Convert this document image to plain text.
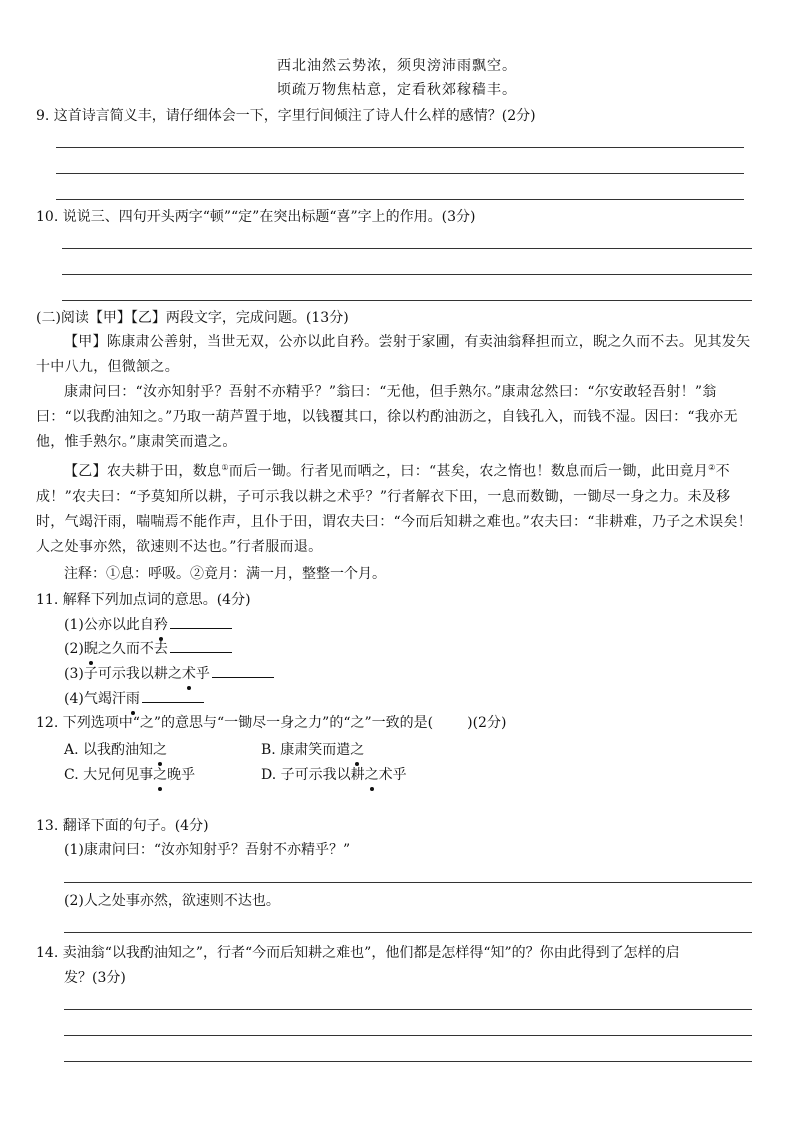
西北油然云势浓，须臾滂沛雨飘空。
顷疏万物焦枯意，定看秋郊稼穑丰。
9. 这首诗言简义丰，请仔细体会一下，字里行间倾注了诗人什么样的感情？(2分)
10. 说说三、四句开头两字“顿”“定”在突出标题“喜”字上的作用。(3分)
(二)阅读【甲】【乙】两段文字，完成问题。(13分)
【甲】陈康肃公善射，当世无双，公亦以此自矜。尝射于家圃，有卖油翁释担而立，睨之久而不去。见其发矢十中八九，但微颔之。
康肃问曰：“汝亦知射乎？吾射不亦精乎？”翁曰：“无他，但手熟尔。”康肃忿然曰：“尔安敢轻吾射！”翁曰：“以我酌油知之。”乃取一葫芦置于地，以钱覆其口，徐以杓酌油沥之，自钱孔入，而钱不湿。因曰：“我亦无他，惟手熟尔。”康肃笑而遣之。
【乙】农夫耕于田，数息①而后一锄。行者见而哂之，曰：“甚矣，农之惰也！数息而后一锄，此田竟月②不成！”农夫曰：“予莫知所以耕，子可示我以耕之术乎？”行者解衣下田，一息而数锄，一锄尽一身之力。未及移时，气竭汗雨，喘喘焉不能作声，且仆于田，谓农夫曰：“今而后知耕之难也。”农夫曰：“非耕难，乃子之术误矣！人之处事亦然，欲速则不达也。”行者服而退。
注释：①息：呼吸。②竟月：满一月，整整一个月。
11. 解释下列加点词的意思。(4分)
(1)公亦以此自矜
(2)睨之久而不去
(3)子可示我以耕之术乎
(4)气竭汗雨
12. 下列选项中“之”的意思与“一锄尽一身之力”的“之”一致的是( )(2分)
A. 以我酌油知之	B. 康肃笑而遣之
C. 大兄何见事之晚乎	D. 子可示我以耕之术乎
13. 翻译下面的句子。(4分)
(1)康肃问曰：“汝亦知射乎？吾射不亦精乎？”
(2)人之处事亦然，欲速则不达也。
14. 卖油翁“以我酌油知之”，行者“今而后知耕之难也”，他们都是怎样得“知”的？你由此得到了怎样的启
发？(3分)
